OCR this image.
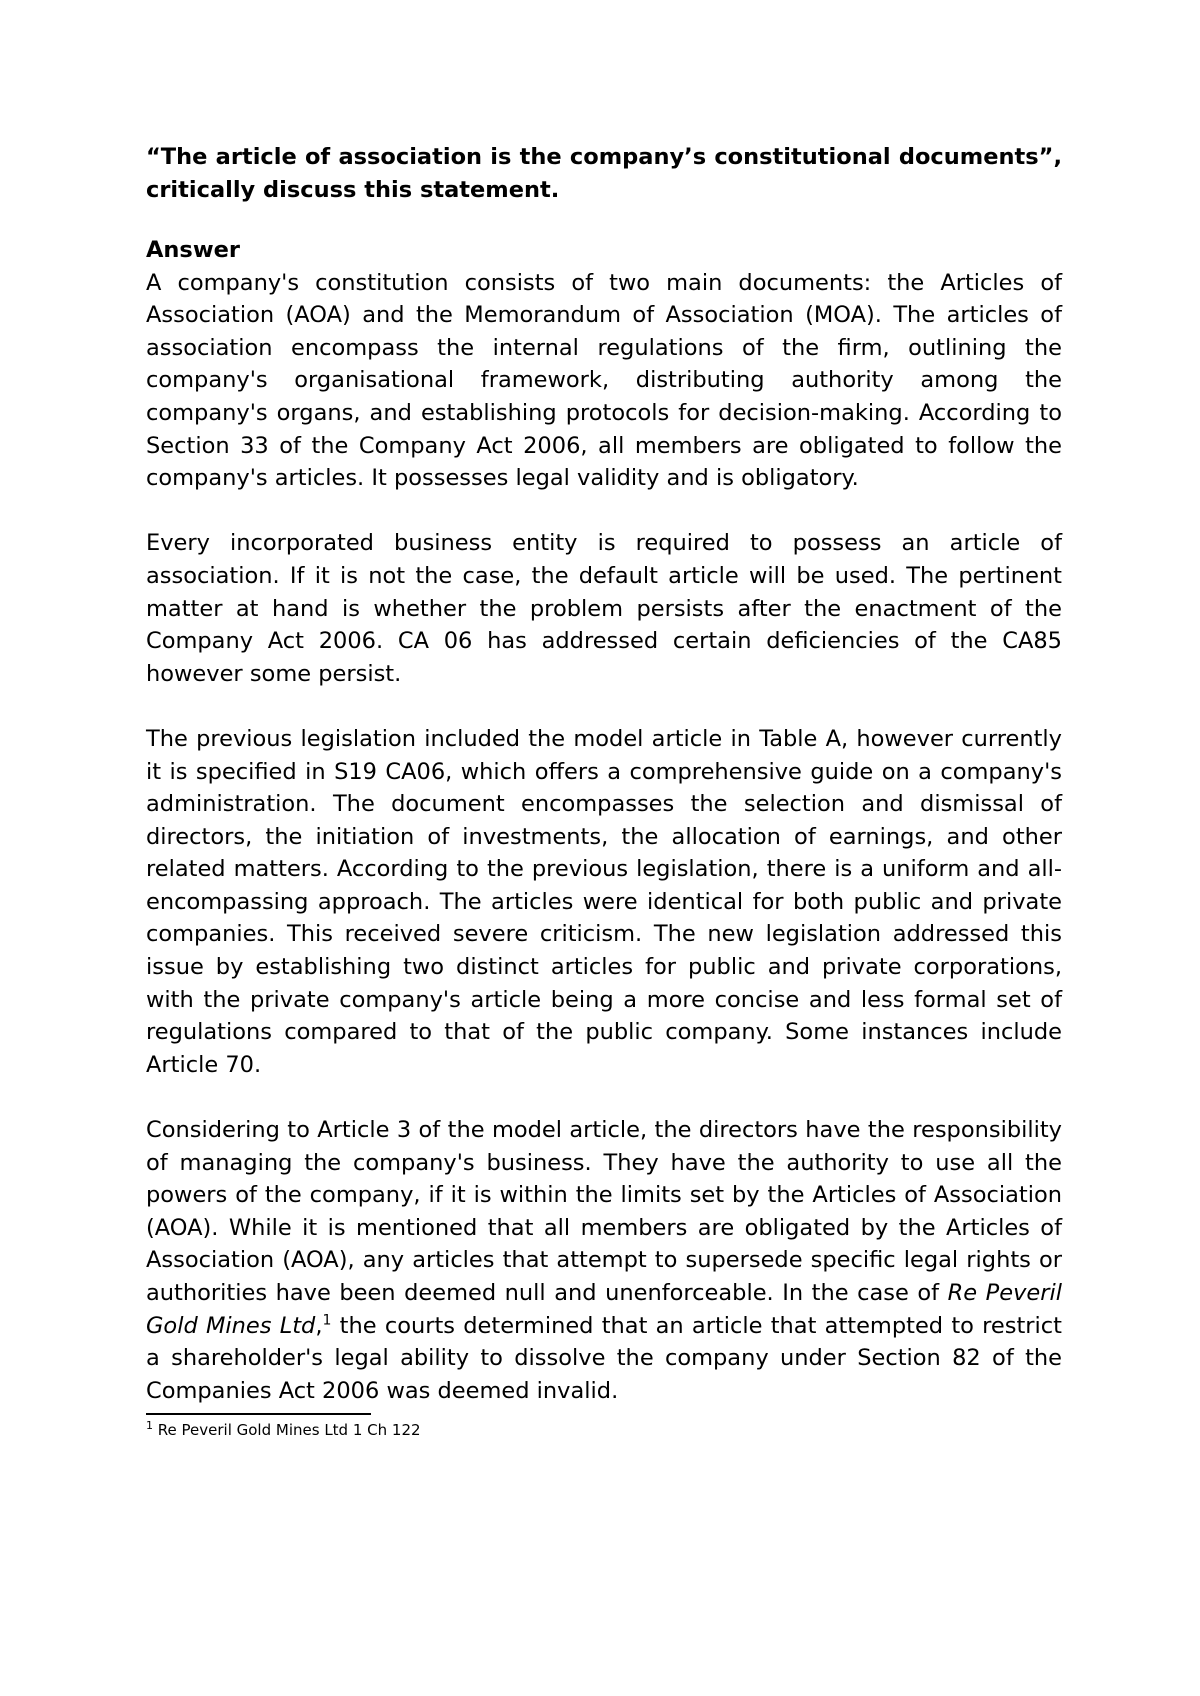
“The article of association is the company’s constitutional documents”, critically discuss this statement.

Answer

A company's constitution consists of two main documents: the Articles of Association (AOA) and the Memorandum of Association (MOA). The articles of association encompass the internal regulations of the firm, outlining the company's organisational framework, distributing authority among the company's organs, and establishing protocols for decision-making. According to Section 33 of the Company Act 2006, all members are obligated to follow the company's articles. It possesses legal validity and is obligatory.

Every incorporated business entity is required to possess an article of association. If it is not the case, the default article will be used. The pertinent matter at hand is whether the problem persists after the enactment of the Company Act 2006. CA 06 has addressed certain deficiencies of the CA85 however some persist.

The previous legislation included the model article in Table A, however currently it is specified in S19 CA06, which offers a comprehensive guide on a company's administration. The document encompasses the selection and dismissal of directors, the initiation of investments, the allocation of earnings, and other related matters. According to the previous legislation, there is a uniform and all-encompassing approach. The articles were identical for both public and private companies. This received severe criticism. The new legislation addressed this issue by establishing two distinct articles for public and private corporations, with the private company's article being a more concise and less formal set of regulations compared to that of the public company. Some instances include Article 70.

Considering to Article 3 of the model article, the directors have the responsibility of managing the company's business. They have the authority to use all the powers of the company, if it is within the limits set by the Articles of Association (AOA). While it is mentioned that all members are obligated by the Articles of Association (AOA), any articles that attempt to supersede specific legal rights or authorities have been deemed null and unenforceable. In the case of Re Peveril Gold Mines Ltd,$^1$ the courts determined that an article that attempted to restrict a shareholder's legal ability to dissolve the company under Section 82 of the Companies Act 2006 was deemed invalid.

$^1$ Re Peveril Gold Mines Ltd 1 Ch 122
